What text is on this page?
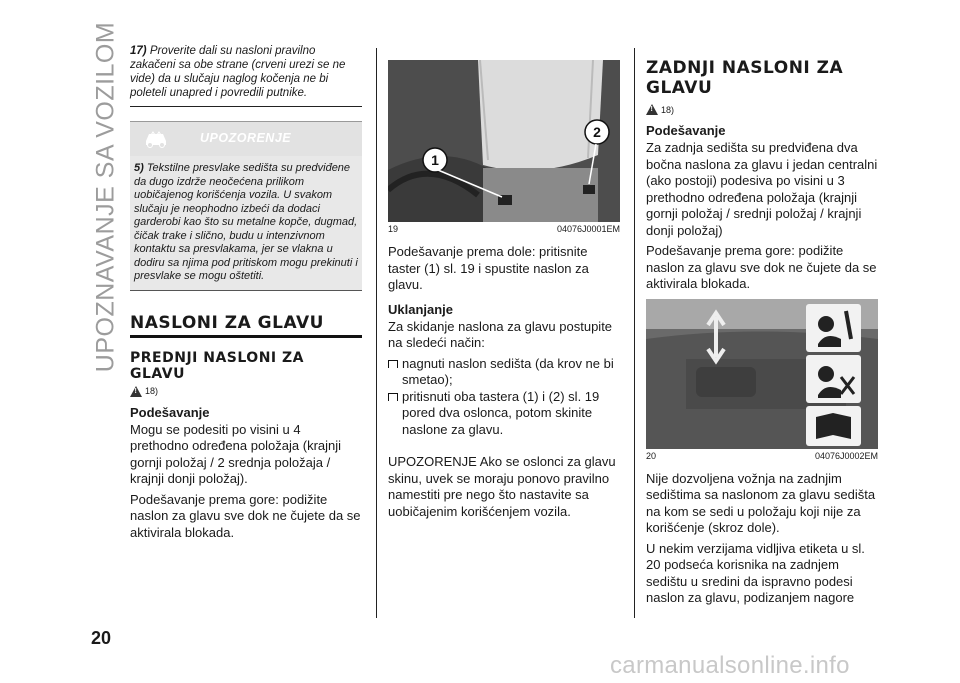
UPOZNAVANJE SA VOZILOM
20
carmanualsonline.info
17) Proverite dali su nasloni pravilno zakačeni sa obe strane (crveni urezi se ne vide) da u slučaju naglog kočenja ne bi poleteli unapred i povredili putnike.
UPOZORENJE
5) Tekstilne presvlake sedišta su predviđene da dugo izdrže neočećena prilikom uobičajenog korišćenja vozila. U svakom slučaju je neophodno izbeći da dodaci garderobi kao što su metalne kopče, dugmad, čičak trake i slično, budu u intenzivnom kontaktu sa presvlakama, jer se vlakna u dodiru sa njima pod pritiskom mogu prekinuti i presvlake se mogu oštetiti.
NASLONI ZA GLAVU
PREDNJI NASLONI ZA GLAVU
!
18)
Podešavanje

Mogu se podesiti po visini u 4 prethodno određena položaja (krajnji gornji položaj / 2 srednja položaja / krajnji donji položaj).

Podešavanje prema gore: podižite naslon za glavu sve dok ne čujete da se aktivirala blokada.

1
2
19	04076J0001EM

Podešavanje prema dole: pritisnite taster (1) sl. 19 i spustite naslon za glavu.

Uklanjanje

Za skidanje naslona za glavu postupite na sledeći način:

nagnuti naslon sedišta (da krov ne bi smetao);
pritisnuti oba tastera (1) i (2) sl. 19 pored dva oslonca, potom skinite naslone za glavu.

UPOZORENJE Ako se oslonci za glavu skinu, uvek se moraju ponovo pravilno namestiti pre nego što nastavite sa uobičajenim korišćenjem vozila.

ZADNJI NASLONI ZA GLAVU
!
18)
Podešavanje

Za zadnja sedišta su predviđena dva bočna naslona za glavu i jedan centralni (ako postoji) podesiva po visini u 3 prethodno određena položaja (krajnji gornji položaj / srednji položaj / krajnji donji položaj)

Podešavanje prema gore: podižite naslon za glavu sve dok ne čujete da se aktivirala blokada.

20	04076J0002EM

Nije dozvoljena vožnja na zadnjim sedištima sa naslonom za glavu sedišta na kom se sedi u položaju koji nije za korišćenje (skroz dole).

U nekim verzijama vidljiva etiketa u sl. 20 podseća korisnika na zadnjem sedištu u sredini da ispravno podesi naslon za glavu, podizanjem nagore
